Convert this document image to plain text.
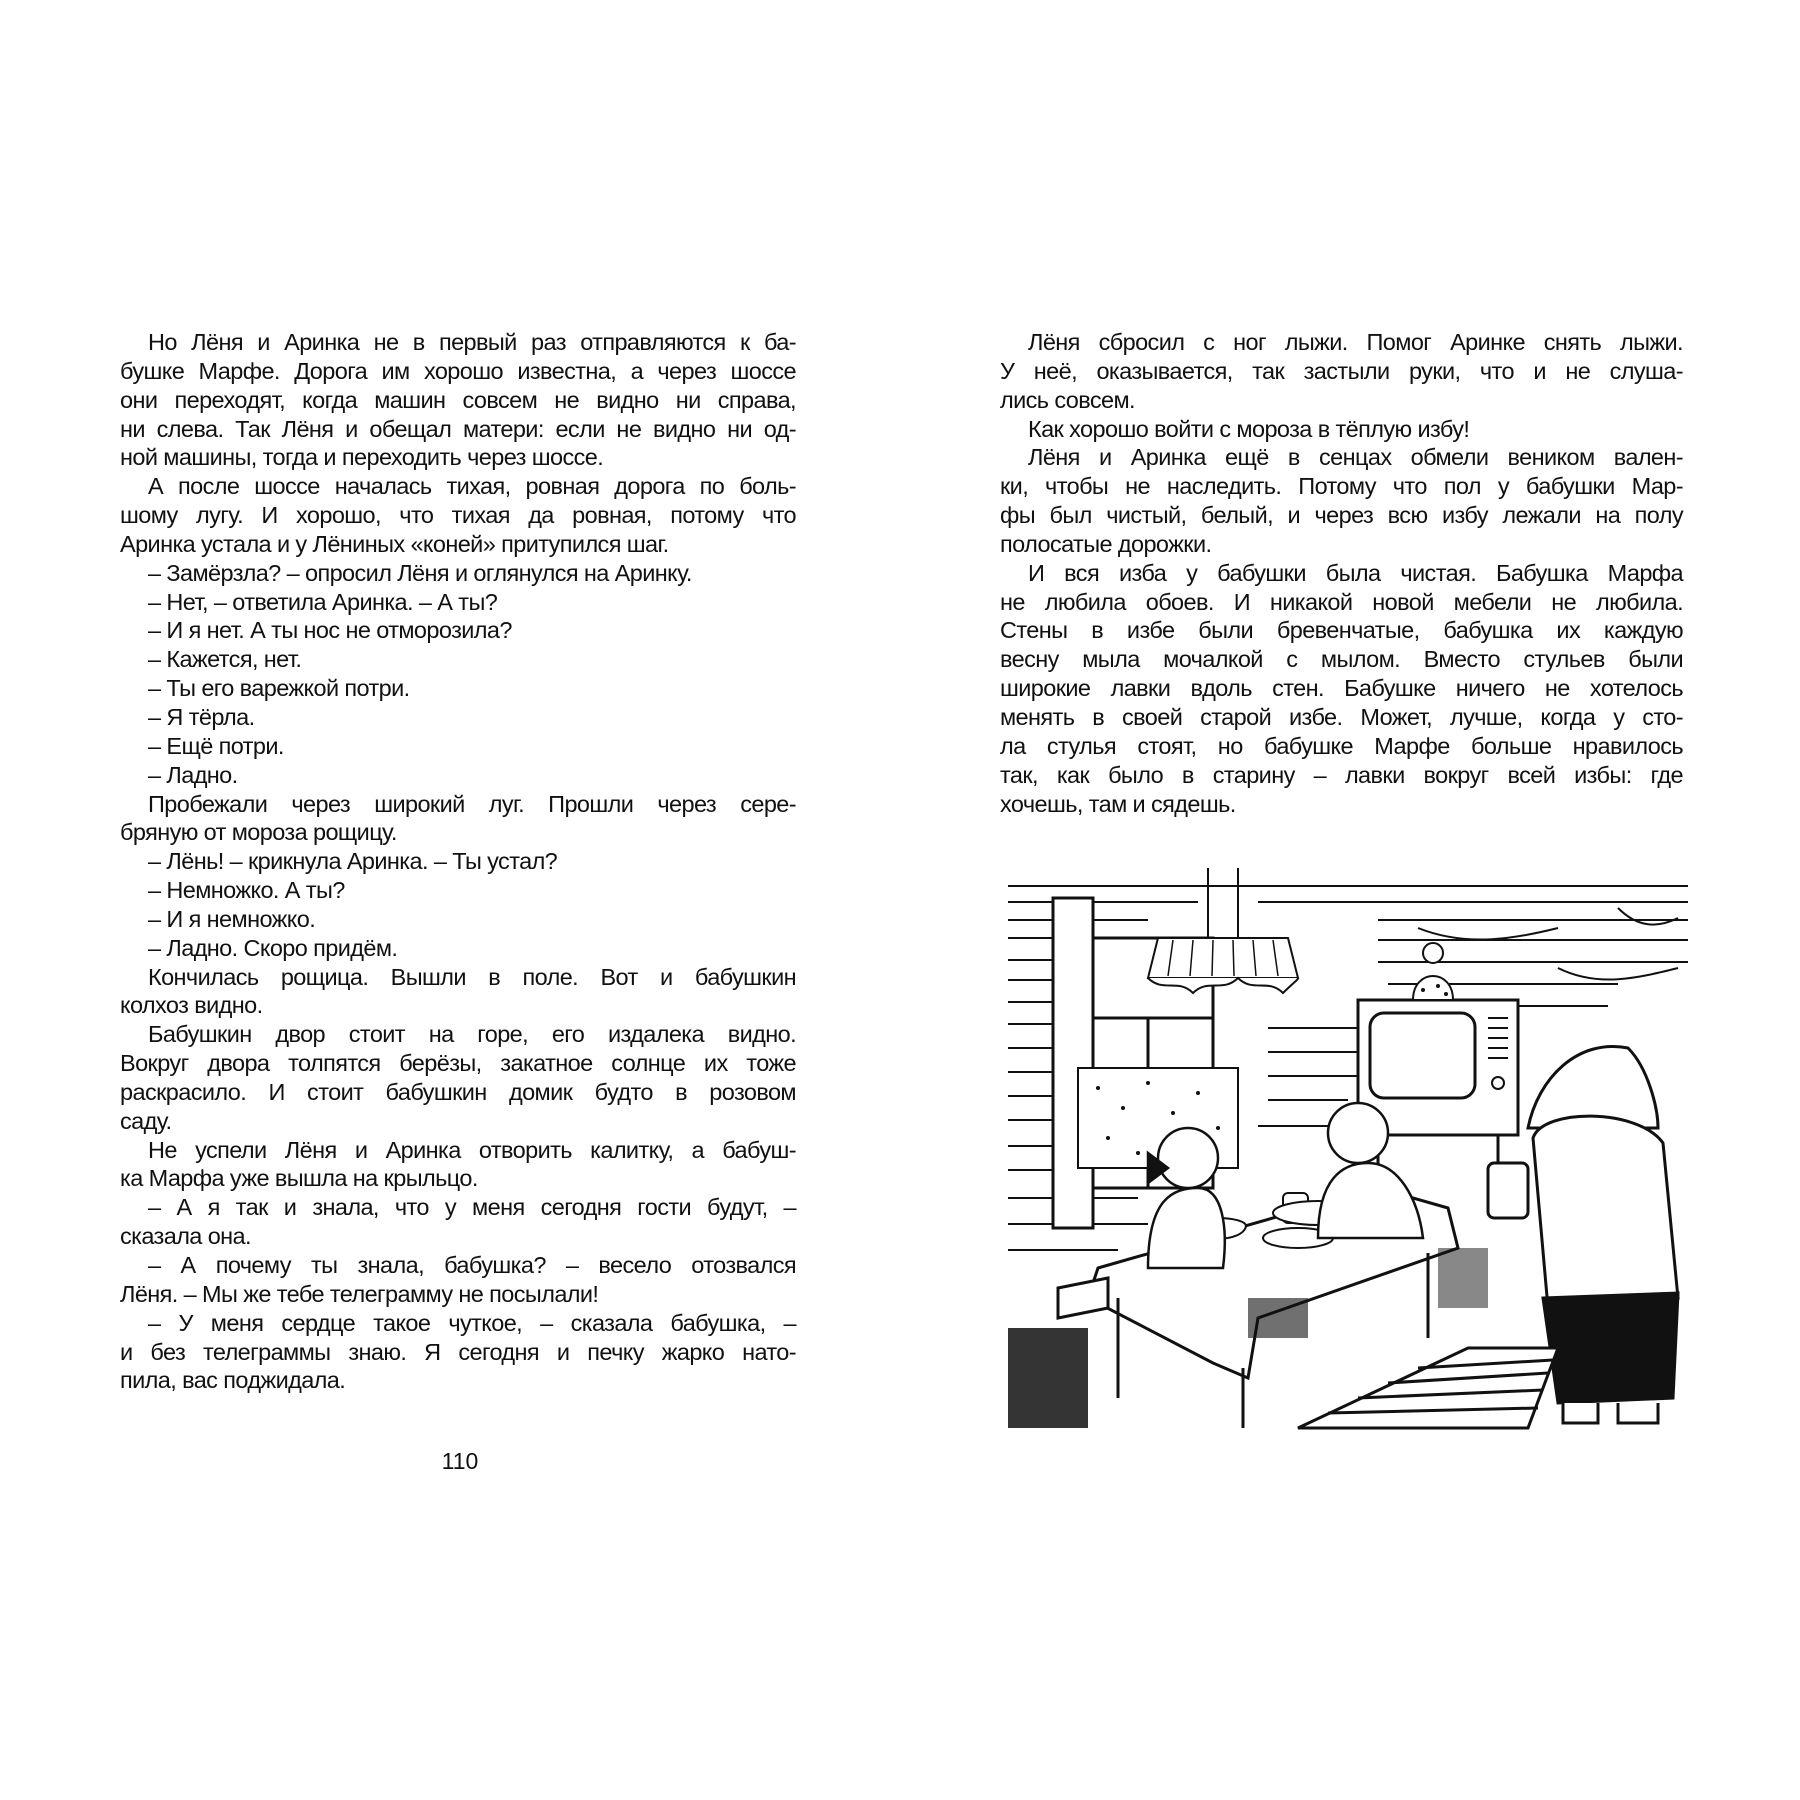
Но Лёня и Аринка не в первый раз отправляются к ба-
бушке Марфе. Дорога им хорошо известна, а через шоссе
они переходят, когда машин совсем не видно ни справа,
ни слева. Так Лёня и обещал матери: если не видно ни од-
ной машины, тогда и переходить через шоссе.
А после шоссе началась тихая, ровная дорога по боль-
шому лугу. И хорошо, что тихая да ровная, потому что
Аринка устала и у Лёниных «коней» притупился шаг.
– Замёрзла? – опросил Лёня и оглянулся на Аринку.
– Нет, – ответила Аринка. – А ты?
– И я нет. А ты нос не отморозила?
– Кажется, нет.
– Ты его варежкой потри.
– Я тёрла.
– Ещё потри.
– Ладно.
Пробежали через широкий луг. Прошли через сере-
бряную от мороза рощицу.
– Лёнь! – крикнула Аринка. – Ты устал?
– Немножко. А ты?
– И я немножко.
– Ладно. Скоро придём.
Кончилась рощица. Вышли в поле. Вот и бабушкин
колхоз видно.
Бабушкин двор стоит на горе, его издалека видно.
Вокруг двора толпятся берёзы, закатное солнце их тоже
раскрасило. И стоит бабушкин домик будто в розовом
саду.
Не успели Лёня и Аринка отворить калитку, а бабуш-
ка Марфа уже вышла на крыльцо.
– А я так и знала, что у меня сегодня гости будут, –
сказала она.
– А почему ты знала, бабушка? – весело отозвался
Лёня. – Мы же тебе телеграмму не посылали!
– У меня сердце такое чуткое, – сказала бабушка, –
и без телеграммы знаю. Я сегодня и печку жарко нато-
пила, вас поджидала.
Лёня сбросил с ног лыжи. Помог Аринке снять лыжи.
У неё, оказывается, так застыли руки, что и не слуша-
лись совсем.
Как хорошо войти с мороза в тёплую избу!
Лёня и Аринка ещё в сенцах обмели веником вален-
ки, чтобы не наследить. Потому что пол у бабушки Мар-
фы был чистый, белый, и через всю избу лежали на полу
полосатые дорожки.
И вся изба у бабушки была чистая. Бабушка Марфа
не любила обоев. И никакой новой мебели не любила.
Стены в избе были бревенчатые, бабушка их каждую
весну мыла мочалкой с мылом. Вместо стульев были
широкие лавки вдоль стен. Бабушке ничего не хотелось
менять в своей старой избе. Может, лучше, когда у сто-
ла стулья стоят, но бабушке Марфе больше нравилось
так, как было в старину – лавки вокруг всей избы: где
хочешь, там и сядешь.
110
